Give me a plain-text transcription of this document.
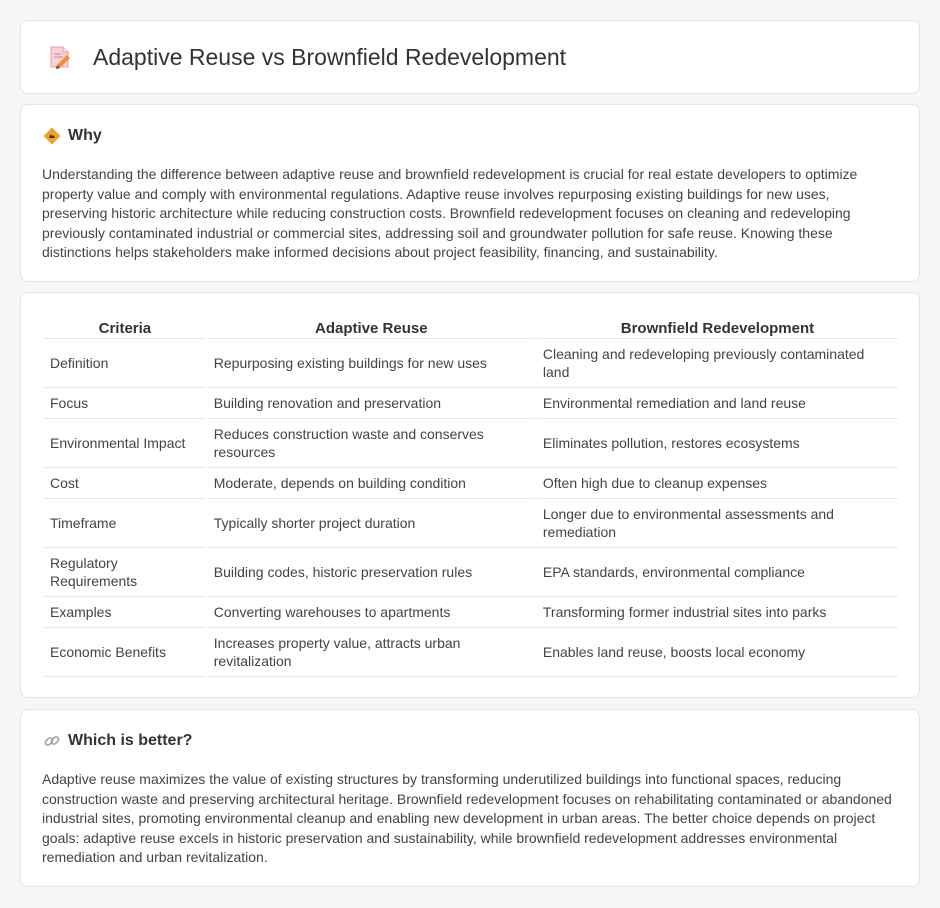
Adaptive Reuse vs Brownfield Redevelopment
Why

Understanding the difference between adaptive reuse and brownfield redevelopment is crucial for real estate developers to optimize property value and comply with environmental regulations. Adaptive reuse involves repurposing existing buildings for new uses, preserving historic architecture while reducing construction costs. Brownfield redevelopment focuses on cleaning and redeveloping previously contaminated industrial or commercial sites, addressing soil and groundwater pollution for safe reuse. Knowing these distinctions helps stakeholders make informed decisions about project feasibility, financing, and sustainability.

Criteria	Adaptive Reuse	Brownfield Redevelopment
Definition	Repurposing existing buildings for new uses	Cleaning and redeveloping previously contaminated land
Focus	Building renovation and preservation	Environmental remediation and land reuse
Environmental Impact	Reduces construction waste and conserves resources	Eliminates pollution, restores ecosystems
Cost	Moderate, depends on building condition	Often high due to cleanup expenses
Timeframe	Typically shorter project duration	Longer due to environmental assessments and remediation
Regulatory Requirements	Building codes, historic preservation rules	EPA standards, environmental compliance
Examples	Converting warehouses to apartments	Transforming former industrial sites into parks
Economic Benefits	Increases property value, attracts urban revitalization	Enables land reuse, boosts local economy
Which is better?

Adaptive reuse maximizes the value of existing structures by transforming underutilized buildings into functional spaces, reducing construction waste and preserving architectural heritage. Brownfield redevelopment focuses on rehabilitating contaminated or abandoned industrial sites, promoting environmental cleanup and enabling new development in urban areas. The better choice depends on project goals: adaptive reuse excels in historic preservation and sustainability, while brownfield redevelopment addresses environmental remediation and urban revitalization.
